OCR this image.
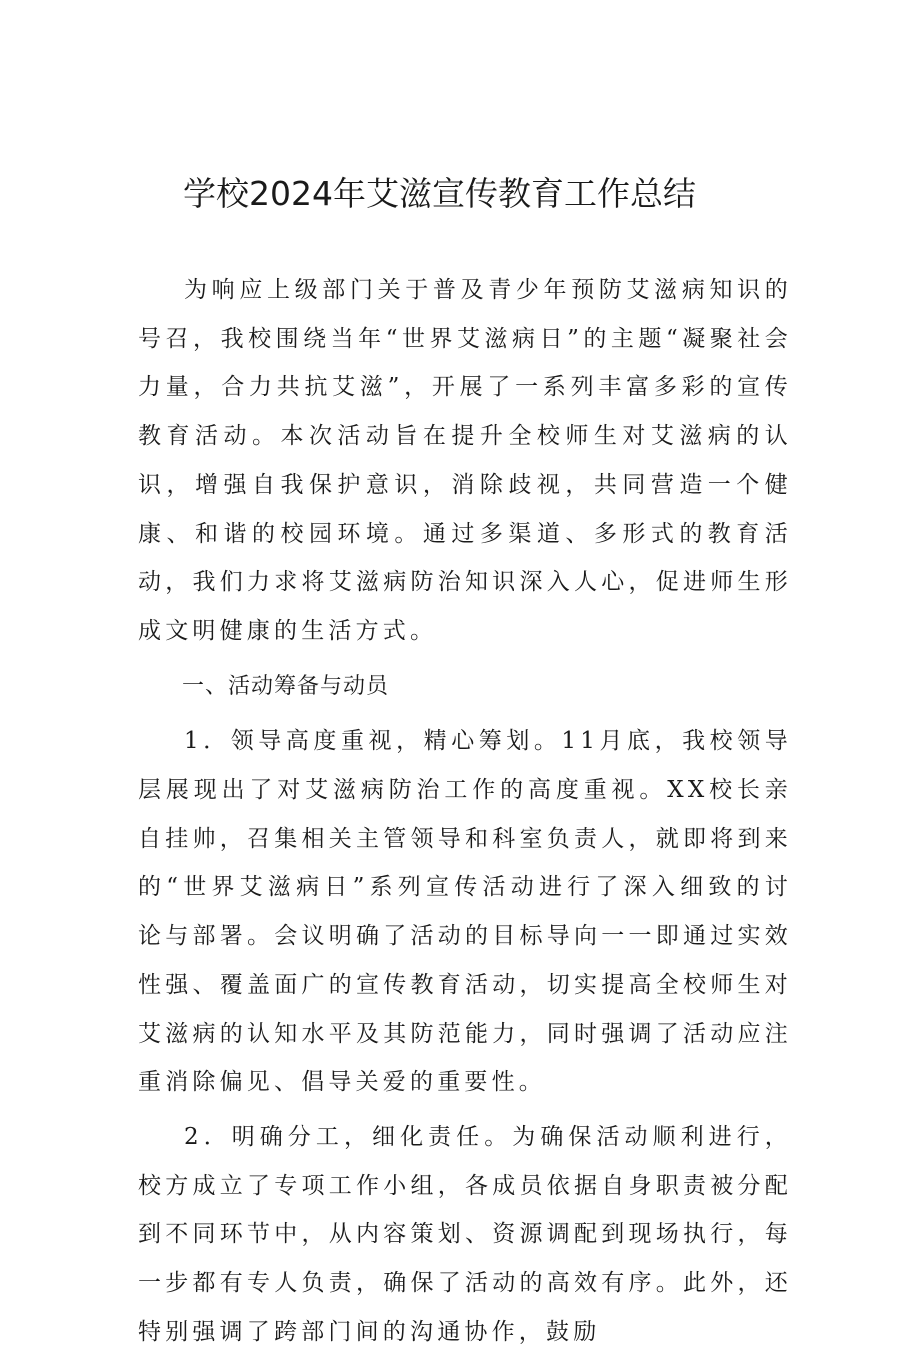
学校2024年艾滋宣传教育工作总结

为响应上级部门关于普及青少年预防艾滋病知识的号召，我校围绕当年“世界艾滋病日”的主题“凝聚社会力量，合力共抗艾滋”，开展了一系列丰富多彩的宣传教育活动。本次活动旨在提升全校师生对艾滋病的认识，增强自我保护意识，消除歧视，共同营造一个健康、和谐的校园环境。通过多渠道、多形式的教育活动，我们力求将艾滋病防治知识深入人心，促进师生形成文明健康的生活方式。

一、活动筹备与动员

1．领导高度重视，精心筹划。11月底，我校领导层展现出了对艾滋病防治工作的高度重视。XX校长亲自挂帅，召集相关主管领导和科室负责人，就即将到来的“世界艾滋病日”系列宣传活动进行了深入细致的讨论与部署。会议明确了活动的目标导向一一即通过实效性强、覆盖面广的宣传教育活动，切实提高全校师生对艾滋病的认知水平及其防范能力，同时强调了活动应注重消除偏见、倡导关爱的重要性。

2．明确分工，细化责任。为确保活动顺利进行，校方成立了专项工作小组，各成员依据自身职责被分配到不同环节中，从内容策划、资源调配到现场执行，每一步都有专人负责，确保了活动的高效有序。此外，还特别强调了跨部门间的沟通协作，鼓励
